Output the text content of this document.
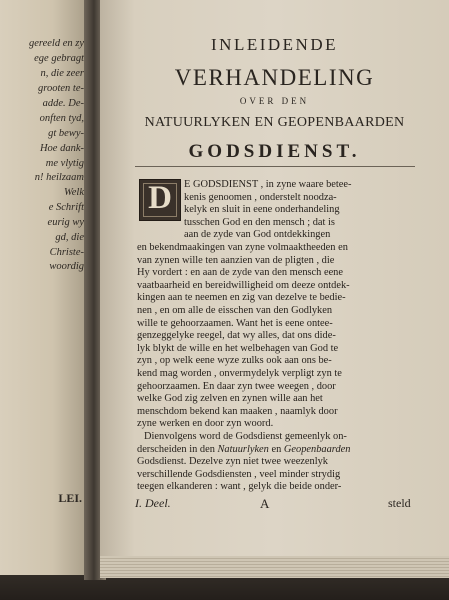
gereeld en zy
ege gebragt
n, die zeer
grooten te-
adde. De-
onften tyd,
gt bewy-
Hoe dank-
me vlytig
n! heilzaam
Welk
e Schrift
eurig wy
gd, die
Christe-
woordig
LEI.
INLEIDENDE
VERHANDELING
OVER DEN
NATUURLYKEN EN GEOPENBAARDEN
GODSDIENST.
D	E GODSDIENST , in zyne waare betee-
kenis genoomen , onderstelt noodza-
kelyk en sluit in eene onderhandeling
tusschen God en den mensch ; dat is
aan de zyde van God ontdekkingen
en bekendmaakingen van zyne volmaaktheeden en
van zynen wille ten aanzien van de pligten , die
Hy vordert : en aan de zyde van den mensch eene
vaatbaarheid en bereidwilligheid om deeze ontdek-
kingen aan te neemen en zig van dezelve te bedie-
nen , en om alle de eisschen van den Godlyken
wille te gehoorzaamen. Want het is eene ontee-
genzeggelyke reegel, dat wy alles, dat ons dide-
lyk blykt de wille en het welbehagen van God te
zyn , op welk eene wyze zulks ook aan ons be-
kend mag worden , onvermydelyk verpligt zyn te
gehoorzaamen. En daar zyn twee weegen , door
welke God zig zelven en zynen wille aan het
menschdom bekend kan maaken , naamlyk door
zyne werken en door zyn woord.
Dienvolgens word de Godsdienst gemeenlyk on-
derscheiden in den Natuurlyken en Geopenbaarden
Godsdienst. Dezelve zyn niet twee weezenlyk
verschillende Godsdiensten , veel minder strydig
teegen elkanderen : want , gelyk die beide onder-
I. Deel.	A	steld
